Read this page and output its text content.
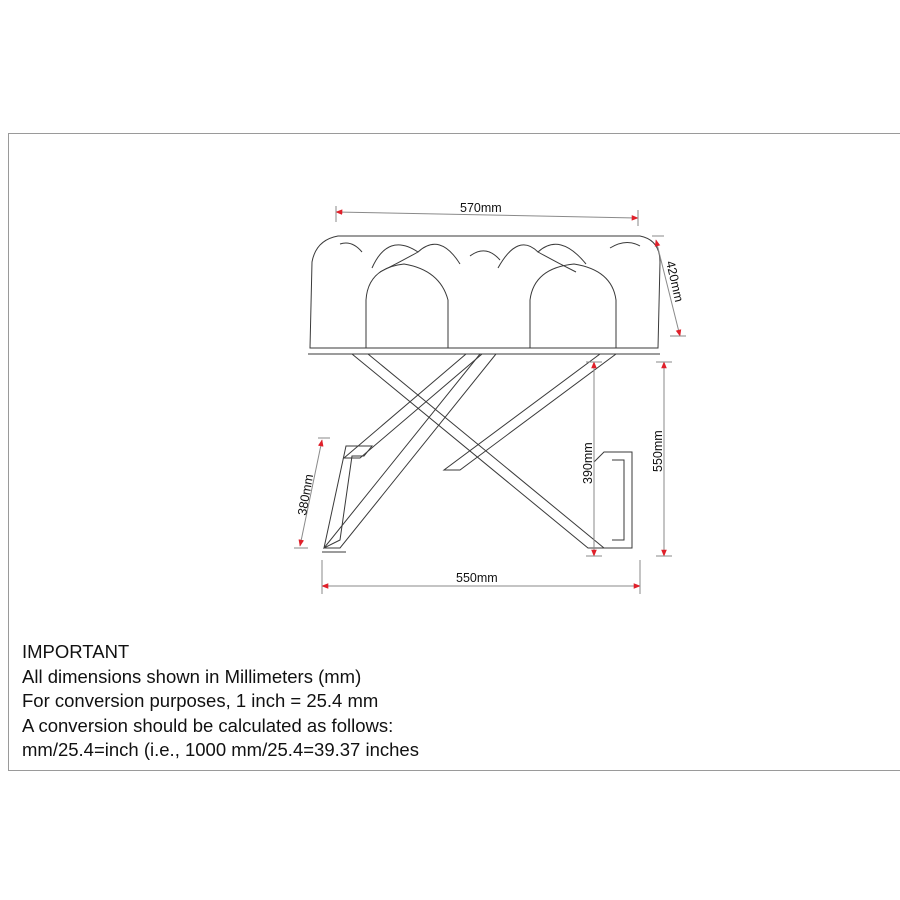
570mm
420mm
550mm
390mm
380mm
550mm
IMPORTANT
All dimensions shown in Millimeters (mm)
For conversion purposes, 1 inch = 25.4 mm
A conversion should be calculated as follows:
mm/25.4=inch (i.e., 1000 mm/25.4=39.37 inches
